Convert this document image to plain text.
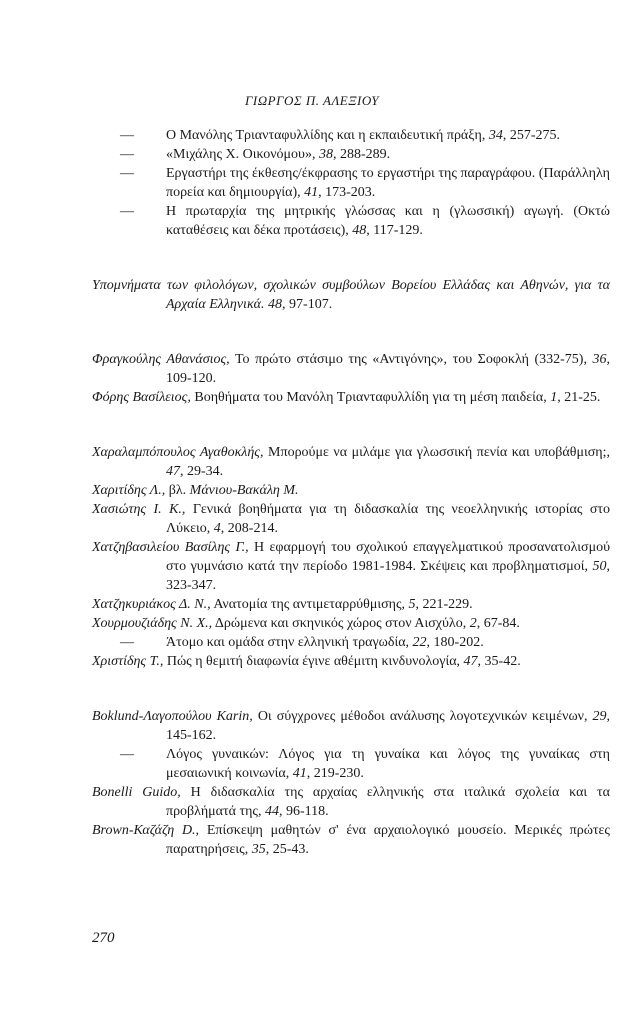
ΓΙΩΡΓΟΣ Π. ΑΛΕΞΙΟΥ
— Ο Μανόλης Τριανταφυλλίδης και η εκπαιδευτική πράξη, 34, 257-275.
— «Μιχάλης Χ. Οικονόμου», 38, 288-289.
— Εργαστήρι της έκθεσης/έκφρασης το εργαστήρι της παραγράφου. (Παράλληλη πορεία και δημιουργία), 41, 173-203.
— Η πρωταρχία της μητρικής γλώσσας και η (γλωσσική) αγωγή. (Οκτώ καταθέσεις και δέκα προτάσεις), 48, 117-129.
Υπομνήματα των φιλολόγων, σχολικών συμβούλων Βορείου Ελλάδας και Αθηνών, για τα Αρχαία Ελληνικά. 48, 97-107.
Φραγκούλης Αθανάσιος, Το πρώτο στάσιμο της «Αντιγόνης», του Σοφοκλή (332-75), 36, 109-120.
Φόρης Βασίλειος, Βοηθήματα του Μανόλη Τριανταφυλλίδη για τη μέση παιδεία, 1, 21-25.
Χαραλαμπόπουλος Αγαθοκλής, Μπορούμε να μιλάμε για γλωσσική πενία και υποβάθμιση;, 47, 29-34.
Χαριτίδης Λ., βλ. Μάνιου-Βακάλη Μ.
Χασιώτης Ι. Κ., Γενικά βοηθήματα για τη διδασκαλία της νεοελληνικής ιστορίας στο Λύκειο, 4, 208-214.
Χατζηβασιλείου Βασίλης Γ., Η εφαρμογή του σχολικού επαγγελματικού προσανατολισμού στο γυμνάσιο κατά την περίοδο 1981-1984. Σκέψεις και προβληματισμοί, 50, 323-347.
Χατζηκυριάκος Δ. Ν., Ανατομία της αντιμεταρρύθμισης, 5, 221-229.
Χουρμουζιάδης Ν. Χ., Δρώμενα και σκηνικός χώρος στον Αισχύλο, 2, 67-84.
— Άτομο και ομάδα στην ελληνική τραγωδία, 22, 180-202.
Χριστίδης Τ., Πώς η θεμιτή διαφωνία έγινε αθέμιτη κινδυνολογία, 47, 35-42.
Boklund-Λαγοπούλου Karin, Οι σύγχρονες μέθοδοι ανάλυσης λογοτεχνικών κειμένων, 29, 145-162.
— Λόγος γυναικών: Λόγος για τη γυναίκα και λόγος της γυναίκας στη μεσαιωνική κοινωνία, 41, 219-230.
Bonelli Guido, Η διδασκαλία της αρχαίας ελληνικής στα ιταλικά σχολεία και τα προβλήματά της, 44, 96-118.
Brown-Καζάζη D., Επίσκεψη μαθητών σ' ένα αρχαιολογικό μουσείο. Μερικές πρώτες παρατηρήσεις, 35, 25-43.
270
